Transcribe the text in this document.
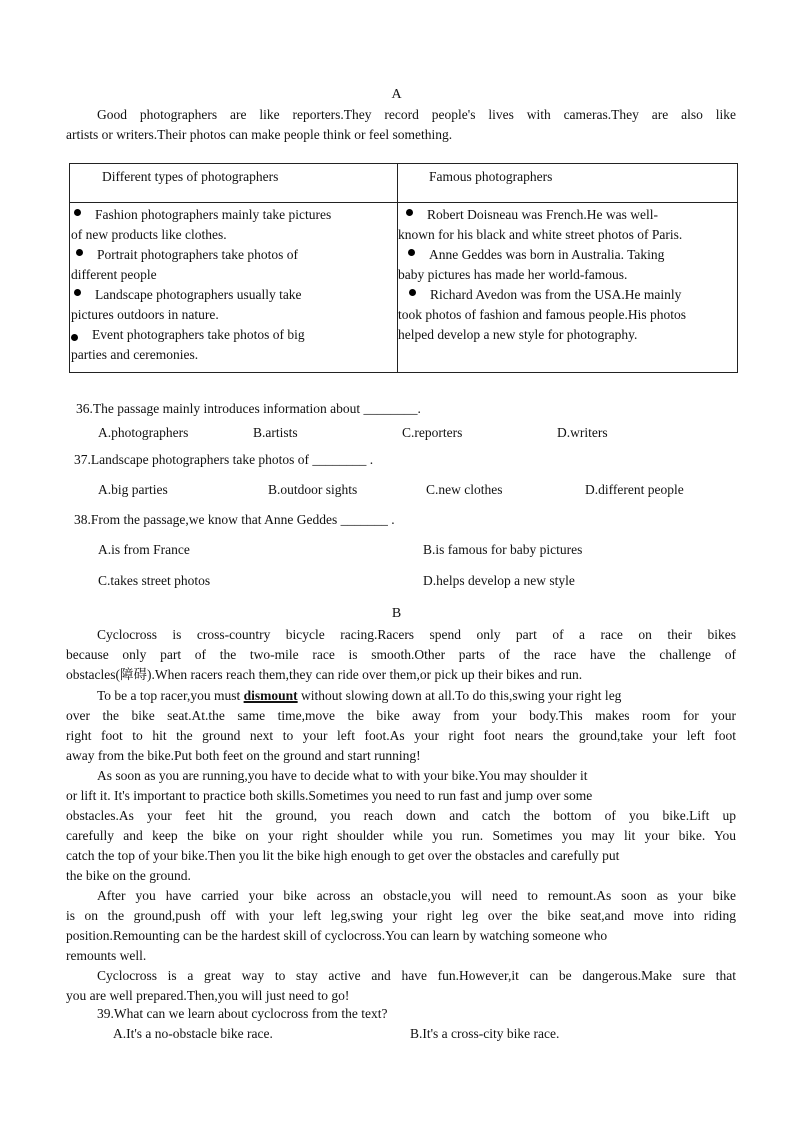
A
Good photographers are like reporters.They record people's lives with cameras.They are also like
artists or writers.Their photos can make people think or feel something.
Different types of photographers	Famous photographers
Fashion photographers mainly take pictures
of new products like clothes.
Portrait photographers take photos of
different people
Landscape photographers usually take
pictures outdoors in nature.
Event photographers take photos of big
parties and ceremonies.
Robert Doisneau was French.He was well-
known for his black and white street photos of Paris.
Anne Geddes was born in Australia. Taking
baby pictures has made her world-famous.
Richard Avedon was from the USA.He mainly
took photos of fashion and famous people.His photos
helped develop a new style for photography.
36.The passage mainly introduces information about ________.
A.photographers	B.artists	C.reporters	D.writers
37.Landscape photographers take photos of ________ .
A.big parties	B.outdoor sights	C.new clothes	D.different people
38.From the passage,we know that Anne Geddes _______ .
A.is from France	B.is famous for baby pictures
C.takes street photos	D.helps develop a new style
B
Cyclocross is cross-country bicycle racing.Racers spend only part of a race on their bikes
because only part of the two-mile race is smooth.Other parts of the race have the challenge of
obstacles(障碍).When racers reach them,they can ride over them,or pick up their bikes and run.
To be a top racer,you must dismount without slowing down at all.To do this,swing your right leg
over the bike seat.At.the same time,move the bike away from your body.This makes room for your
right foot to hit the ground next to your left foot.As your right foot nears the ground,take your left foot
away from the bike.Put both feet on the ground and start running!
As soon as you are running,you have to decide what to with your bike.You may shoulder it
or lift it. It's important to practice both skills.Sometimes you need to run fast and jump over some
obstacles.As your feet hit the ground, you reach down and catch the bottom of you bike.Lift up
carefully and keep the bike on your right shoulder while you run. Sometimes you may lit your bike. You
catch the top of your bike.Then you lit the bike high enough to get over the obstacles and carefully put
the bike on the ground.
After you have carried your bike across an obstacle,you will need to remount.As soon as your bike
is on the ground,push off with your left leg,swing your right leg over the bike seat,and move into riding
position.Remounting can be the hardest skill of cyclocross.You can learn by watching someone who
remounts well.
Cyclocross is a great way to stay active and have fun.However,it can be dangerous.Make sure that
you are well prepared.Then,you will just need to go!
39.What can we learn about cyclocross from the text?
A.It's a no-obstacle bike race.	B.It's a cross-city bike race.
